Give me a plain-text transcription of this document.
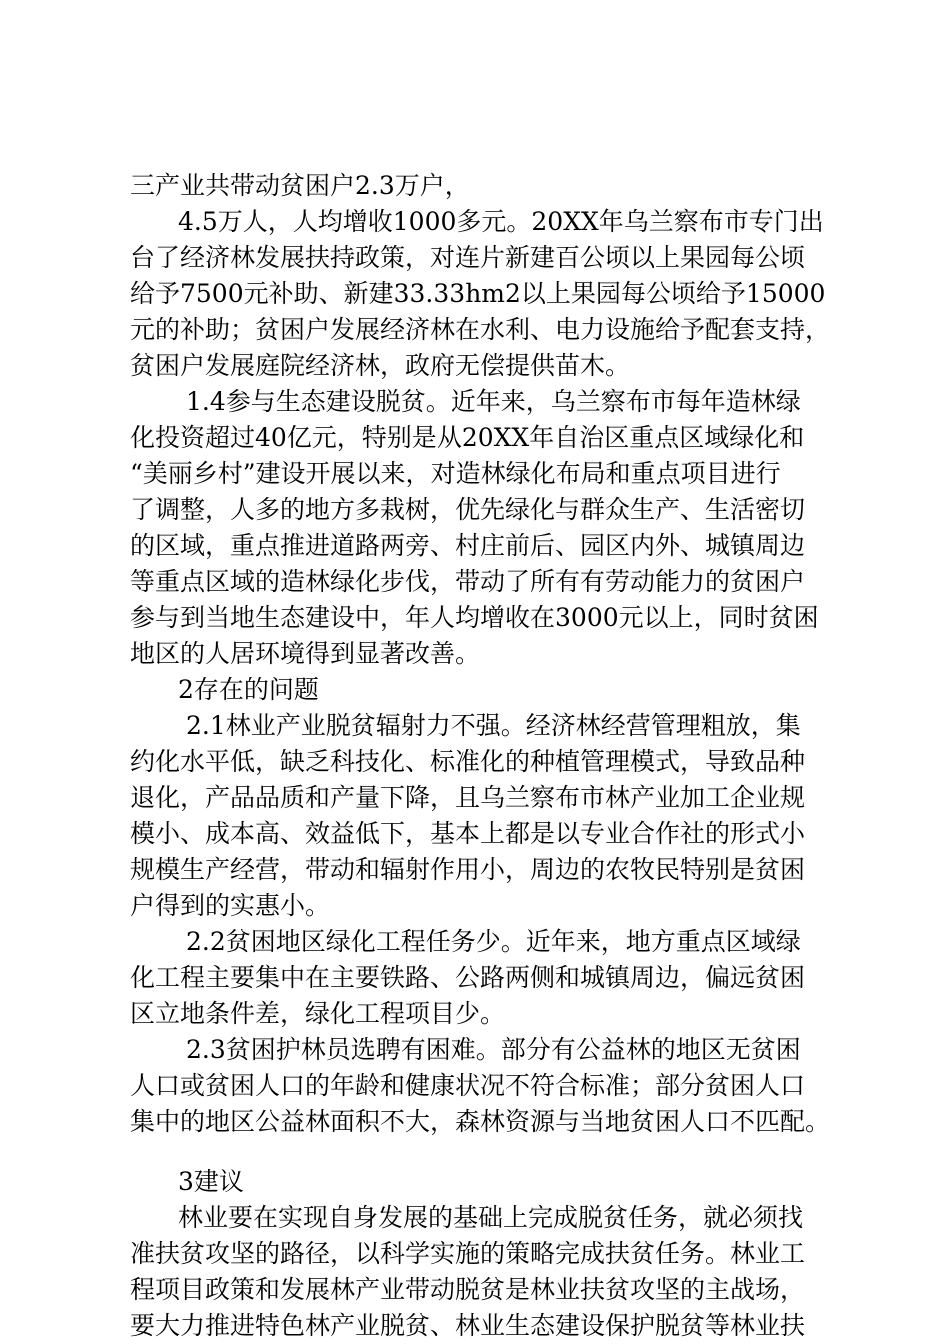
三产业共带动贫困户2.3万户，
4.5万人，人均增收1000多元。20XX年乌兰察布市专门出
台了经济林发展扶持政策，对连片新建百公顷以上果园每公顷
给予7500元补助、新建33.33hm2以上果园每公顷给予15000
元的补助；贫困户发展经济林在水利、电力设施给予配套支持，
贫困户发展庭院经济林，政府无偿提供苗木。
1.4参与生态建设脱贫。近年来，乌兰察布市每年造林绿
化投资超过40亿元，特别是从20XX年自治区重点区域绿化和
“美丽乡村”建设开展以来，对造林绿化布局和重点项目进行
了调整，人多的地方多栽树，优先绿化与群众生产、生活密切
的区域，重点推进道路两旁、村庄前后、园区内外、城镇周边
等重点区域的造林绿化步伐，带动了所有有劳动能力的贫困户
参与到当地生态建设中，年人均增收在3000元以上，同时贫困
地区的人居环境得到显著改善。
2存在的问题
2.1林业产业脱贫辐射力不强。经济林经营管理粗放，集
约化水平低，缺乏科技化、标准化的种植管理模式，导致品种
退化，产品品质和产量下降，且乌兰察布市林产业加工企业规
模小、成本高、效益低下，基本上都是以专业合作社的形式小
规模生产经营，带动和辐射作用小，周边的农牧民特别是贫困
户得到的实惠小。
2.2贫困地区绿化工程任务少。近年来，地方重点区域绿
化工程主要集中在主要铁路、公路两侧和城镇周边，偏远贫困
区立地条件差，绿化工程项目少。
2.3贫困护林员选聘有困难。部分有公益林的地区无贫困
人口或贫困人口的年龄和健康状况不符合标准；部分贫困人口
集中的地区公益林面积不大，森林资源与当地贫困人口不匹配。
3建议
林业要在实现自身发展的基础上完成脱贫任务，就必须找
准扶贫攻坚的路径，以科学实施的策略完成扶贫任务。林业工
程项目政策和发展林产业带动脱贫是林业扶贫攻坚的主战场，
要大力推进特色林产业脱贫、林业生态建设保护脱贫等林业扶
